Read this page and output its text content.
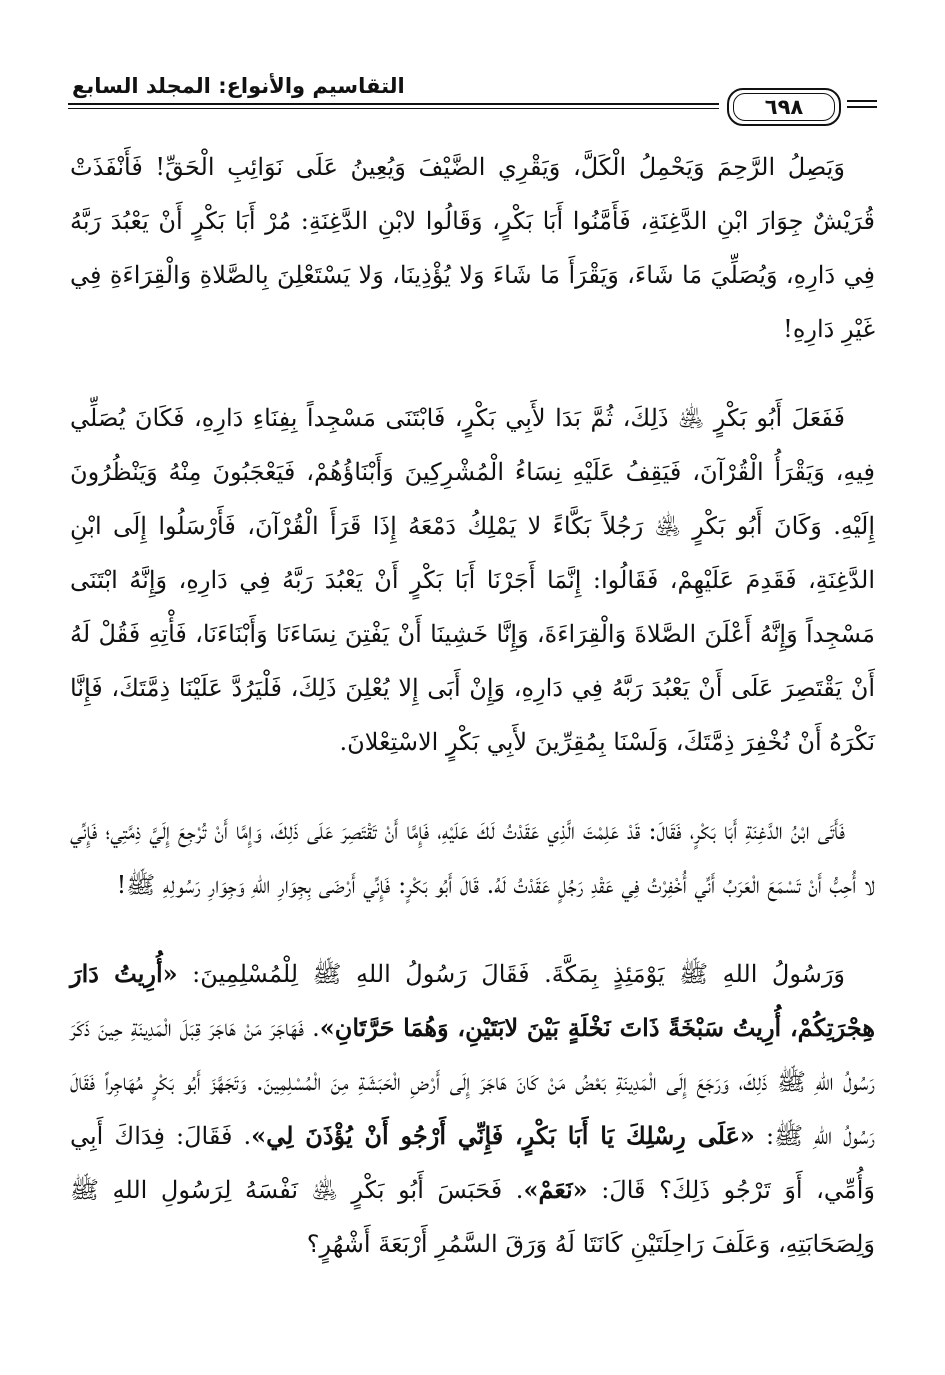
التقاسيم والأنواع: المجلد السابع
٦٩٨

وَيَصِلُ الرَّحِمَ وَيَحْمِلُ الْكَلَّ، وَيَقْرِي الضَّيْفَ وَيُعِينُ عَلَى نَوَائِبِ الْحَقِّ! فَأَنْفَذَتْ قُرَيْشٌ جِوَارَ ابْنِ الدَّغِنَةِ، فَأَمَّنُوا أَبَا بَكْرٍ، وَقَالُوا لابْنِ الدَّغِنَةِ: مُرْ أَبَا بَكْرٍ أَنْ يَعْبُدَ رَبَّهُ فِي دَارِهِ، وَيُصَلِّيَ مَا شَاءَ، وَيَقْرَأَ مَا شَاءَ وَلا يُؤْذِينَا، وَلا يَسْتَعْلِنَ بِالصَّلاةِ وَالْقِرَاءَةِ فِي غَيْرِ دَارِهِ!

فَفَعَلَ أَبُو بَكْرٍ ﵁ ذَلِكَ، ثُمَّ بَدَا لأَبِي بَكْرٍ، فَابْتَنَى مَسْجِداً بِفِنَاءِ دَارِهِ، فَكَانَ يُصَلِّي فِيهِ، وَيَقْرَأُ الْقُرْآنَ، فَيَقِفُ عَلَيْهِ نِسَاءُ الْمُشْرِكِينَ وَأَبْنَاؤُهُمْ، فَيَعْجَبُونَ مِنْهُ وَيَنْظُرُونَ إِلَيْهِ. وَكَانَ أَبُو بَكْرٍ ﵁ رَجُلاً بَكَّاءً لا يَمْلِكُ دَمْعَهُ إِذَا قَرَأَ الْقُرْآنَ، فَأَرْسَلُوا إِلَى ابْنِ الدَّغِنَةِ، فَقَدِمَ عَلَيْهِمْ، فَقَالُوا: إِنَّمَا أَجَرْنَا أَبَا بَكْرٍ أَنْ يَعْبُدَ رَبَّهُ فِي دَارِهِ، وَإِنَّهُ ابْتَنَى مَسْجِداً وَإِنَّهُ أَعْلَنَ الصَّلاةَ وَالْقِرَاءَةَ، وَإِنَّا خَشِينَا أَنْ يَفْتِنَ نِسَاءَنَا وَأَبْنَاءَنَا، فَأْتِهِ فَقُلْ لَهُ أَنْ يَقْتَصِرَ عَلَى أَنْ يَعْبُدَ رَبَّهُ فِي دَارِهِ، وَإِنْ أَبَى إِلا يُعْلِنَ ذَلِكَ، فَلْيَرُدَّ عَلَيْنَا ذِمَّتَكَ، فَإِنَّا نَكْرَهُ أَنْ نُخْفِرَ ذِمَّتَكَ، وَلَسْنَا بِمُقِرِّينَ لأَبِي بَكْرٍ الاسْتِعْلانَ.

فَأَتَى ابْنُ الدَّغِنَةِ أَبَا بَكْرٍ، فَقَالَ: قَدْ عَلِمْتَ الَّذِي عَقَدْتُ لَكَ عَلَيْهِ، فَإِمَّا أَنْ تَقْتَصِرَ عَلَى ذَلِكَ، وَإِمَّا أَنْ تُرْجِعَ إِلَيَّ ذِمَّتِي؛ فَإِنِّي لا أُحِبُّ أَنْ تَسْمَعَ الْعَرَبُ أَنِّي أُخْفِرْتُ فِي عَقْدِ رَجُلٍ عَقَدْتُ لَهُ. قَالَ أَبُو بَكْرٍ: فَإِنِّي أَرْضَى بِجِوَارِ اللهِ وَجِوَارِ رَسُولِهِ ﷺ!

وَرَسُولُ اللهِ ﷺ يَوْمَئِذٍ بِمَكَّةَ. فَقَالَ رَسُولُ اللهِ ﷺ لِلْمُسْلِمِينَ: «أُرِيتُ دَارَ هِجْرَتِكُمْ، أُرِيتُ سَبْخَةً ذَاتَ نَخْلَةٍ بَيْنَ لابَتَيْنِ، وَهُمَا حَرَّتَانِ». فَهَاجَرَ مَنْ هَاجَرَ قِبَلَ الْمَدِينَةِ حِينَ ذَكَرَ رَسُولُ اللهِ ﷺ ذَلِكَ، وَرَجَعَ إِلَى الْمَدِينَةِ بَعْضُ مَنْ كَانَ هَاجَرَ إِلَى أَرْضِ الْحَبَشَةِ مِنَ الْمُسْلِمِينَ. وَتَجَهَّزَ أَبُو بَكْرٍ مُهَاجِراً فَقَالَ رَسُولُ اللهِ ﷺ: «عَلَى رِسْلِكَ يَا أَبَا بَكْرٍ، فَإِنِّي أَرْجُو أَنْ يُؤْذَنَ لِي». فَقَالَ: فِدَاكَ أَبِي وَأُمِّي، أَوَ تَرْجُو ذَلِكَ؟ قَالَ: «نَعَمْ». فَحَبَسَ أَبُو بَكْرٍ ﵁ نَفْسَهُ لِرَسُولِ اللهِ ﷺ وَلِصَحَابَتِهِ، وَعَلَفَ رَاحِلَتَيْنِ كَانَتَا لَهُ وَرَقَ السَّمُرِ أَرْبَعَةَ أَشْهُرٍ؟
